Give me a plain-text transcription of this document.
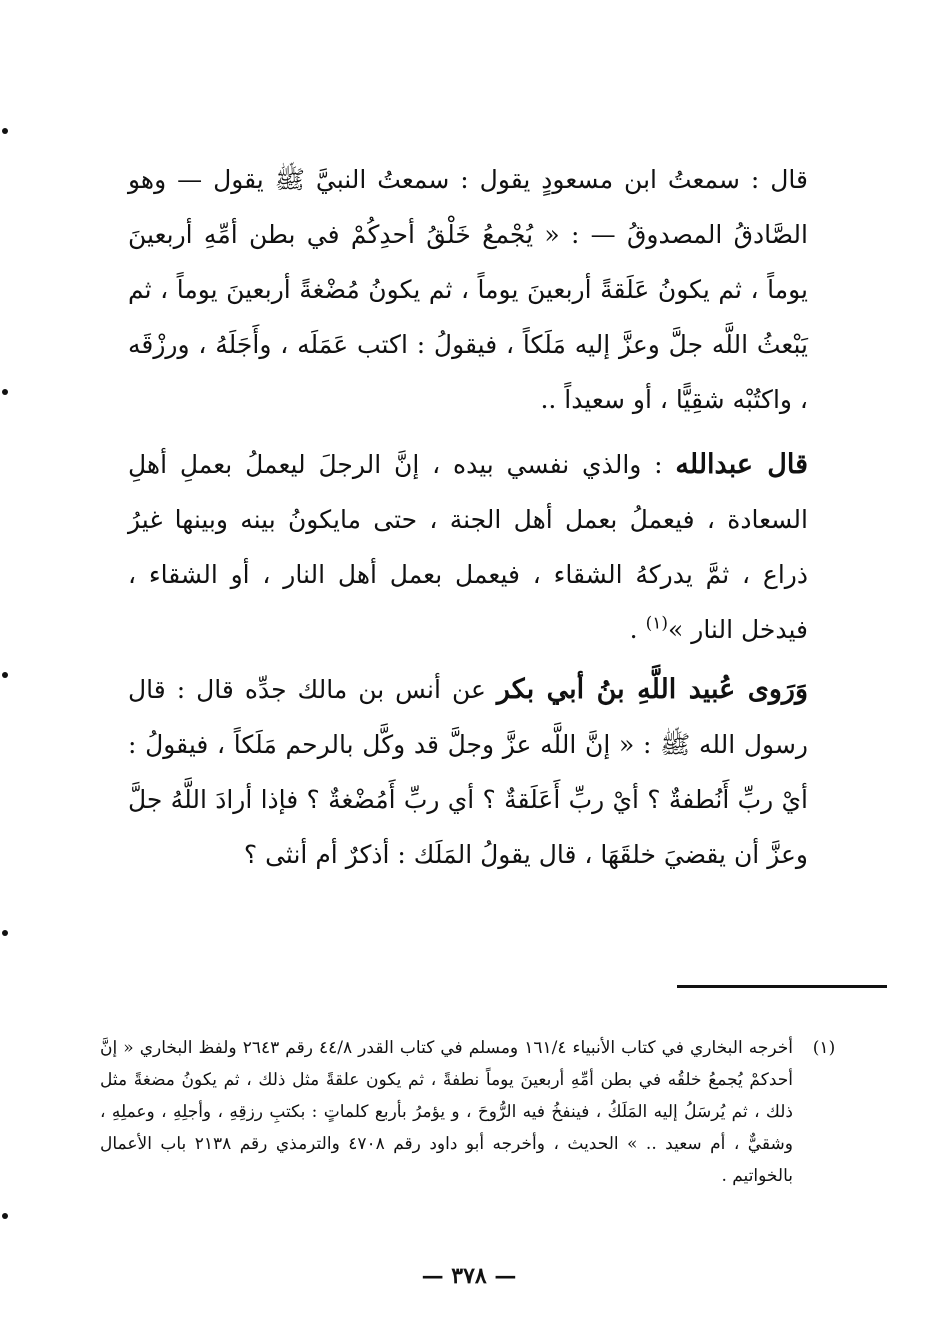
قال : سمعتُ ابن مسعودٍ يقول : سمعتُ النبيَّ ﷺ يقول — وهو الصَّادقُ المصدوقُ — : « يُجْمعُ خَلْقُ أحدِكُمْ في بطن أمِّهِ أربعينَ يوماً ، ثم يكونُ عَلَقةً أربعينَ يوماً ، ثم يكونُ مُضْغةً أربعينَ يوماً ، ثم يَبْعثُ اللَّه جلَّ وعزَّ إليه مَلَكاً ، فيقولُ : اكتب عَمَلَه ، وأَجَلَهُ ، ورزْقَه ، واكتُبْه شقِيًّا ، أو سعيداً ..

قال عبدالله : والذي نفسي بيده ، إنَّ الرجلَ ليعملُ بعملِ أهلِ السعادة ، فيعملُ بعمل أهل الجنة ، حتى مايكونُ بينه وبينها غيرُ ذراع ، ثمَّ يدركهُ الشقاء ، فيعمل بعمل أهل النار ، أو الشقاء ، فيدخل النار »$^{(١)}$ .

وَرَوى عُبيد اللَّهِ بنُ أبي بكر عن أنس بن مالك جدِّه قال : قال رسول الله ﷺ : « إنَّ اللَّه عزَّ وجلَّ قد وكَّل بالرحم مَلَكاً ، فيقولُ : أيْ ربِّ أَنُطفةٌ ؟ أيْ ربِّ أَعَلَقةٌ ؟ أي ربِّ أَمُضْغةٌ ؟ فإذا أرادَ اللَّهُ جلَّ وعزَّ أن يقضيَ خلقَهَا ، قال يقولُ المَلَك : أذكرٌ أم أنثى ؟

(١)

أخرجه البخاري في كتاب الأنبياء ١٦١/٤ ومسلم في كتاب القدر ٤٤/٨ رقم ٢٦٤٣ ولفظ البخاري « إنَّ أحدكمْ يُجمعُ خلقُه في بطن أمِّهِ أربعينَ يوماً نطفةً ، ثم يكون علقةً مثل ذلك ، ثم يكونُ مضغةً مثل ذلك ، ثم يُرسَلُ إليه المَلَكُ ، فينفخُ فيه الرُّوحَ ، و يؤمرُ بأربع كلماتٍ : بكتبِ رزقِهِ ، وأجلِهِ ، وعملِهِ ، وشقيٌّ ، أم سعيد .. » الحديث ، وأخرجه أبو داود رقم ٤٧٠٨ والترمذي رقم ٢١٣٨ باب الأعمال بالخواتيم .

— ٣٧٨ —
